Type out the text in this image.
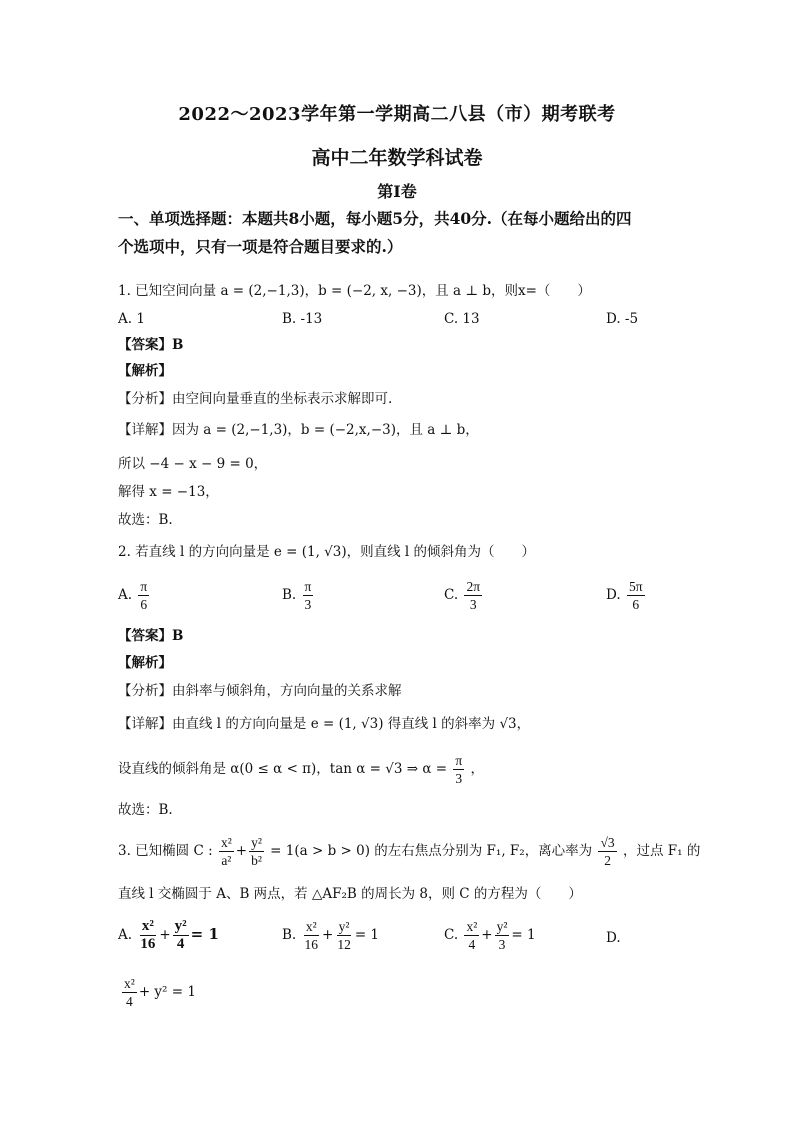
2022～2023学年第一学期高二八县（市）期考联考
高中二年数学科试卷
第I卷
一、单项选择题：本题共8小题，每小题5分，共40分.（在每小题给出的四
个选项中，只有一项是符合题目要求的.）
1. 已知空间向量 a = (2,−1,3)，b = (−2, x, −3)，且 a ⊥ b，则x=（　　）
A. 1	B. -13	C. 13	D. -5
【答案】B
【解析】
【分析】由空间向量垂直的坐标表示求解即可.
【详解】因为 a = (2,−1,3)，b = (−2,x,−3)，且 a ⊥ b，
所以 −4 − x − 9 = 0，
解得 x = −13，
故选：B.
2. 若直线 l 的方向向量是 e = (1, √3)，则直线 l 的倾斜角为（　　）
A. $\frac{\pi}{6}$	B. $\frac{\pi}{3}$	C. $\frac{2\pi}{3}$	D. $\frac{5\pi}{6}$
【答案】B
【解析】
【分析】由斜率与倾斜角，方向向量的关系求解
【详解】由直线 l 的方向向量是 e = (1, √3) 得直线 l 的斜率为 √3，
设直线的倾斜角是 α(0 ≤ α < π)，tan α = √3 ⇒ $\alpha = \frac{\pi}{3}$ ，
故选：B.
3. 已知椭圆 C : $\frac{\text{x²}}{\text{a²}} + \frac{\text{y²}}{\text{b²}} = 1(a > b > 0)$ 的左右焦点分别为 F₁, F₂，离心率为 $\frac{√3}{2}$ ，过点 F₁ 的
直线 l 交椭圆于 A、B 两点，若 △AF₂B 的周长为 8，则 C 的方程为（　　）
A. $\frac{\text{x²}}{16} + \frac{\text{y²}}{4} = 1$	B. $\frac{\text{x²}}{16} + \frac{\text{y²}}{12} = 1$	C. $\frac{\text{x²}}{4} + \frac{\text{y²}}{3} = 1$	D.
$\frac{\text{x²}}{4} + y^2 = 1$
